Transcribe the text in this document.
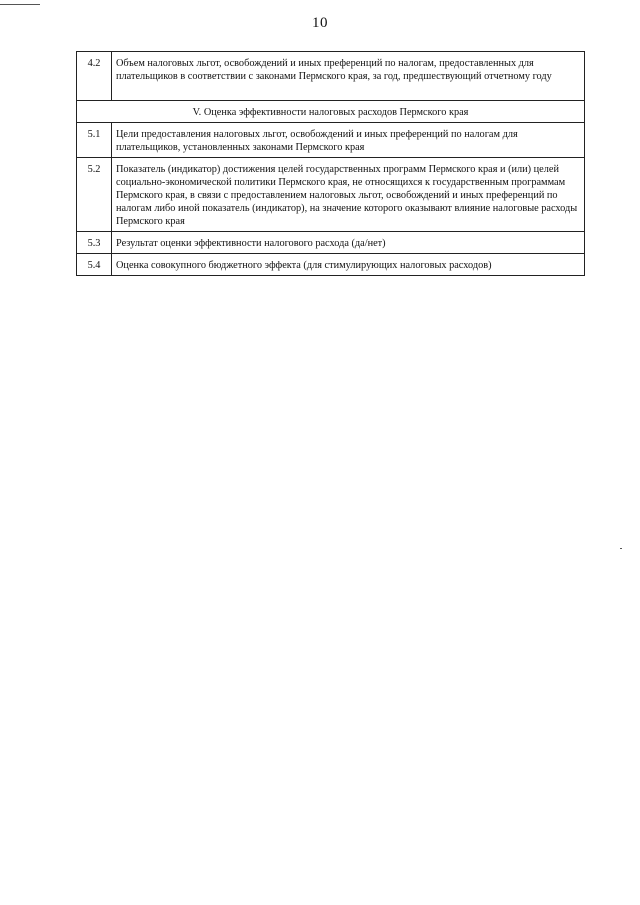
10
4.2	Объем налоговых льгот, освобождений и иных преференций по налогам, предоставленных для плательщиков в соответствии с законами Пермского края, за год, предшествующий отчетному году
V. Оценка эффективности налоговых расходов Пермского края	
5.1	Цели предоставления налоговых льгот, освобождений и иных преференций по налогам для плательщиков, установленных законами Пермского края
5.2	Показатель (индикатор) достижения целей государственных программ Пермского края и (или) целей социально-экономической политики Пермского края, не относящихся к государственным программам Пермского края, в связи с предоставлением налоговых льгот, освобождений и иных преференций по налогам либо иной показатель (индикатор), на значение которого оказывают влияние налоговые расходы Пермского края
5.3	Результат оценки эффективности налогового расхода (да/нет)
5.4	Оценка совокупного бюджетного эффекта (для стимулирующих налоговых расходов)
